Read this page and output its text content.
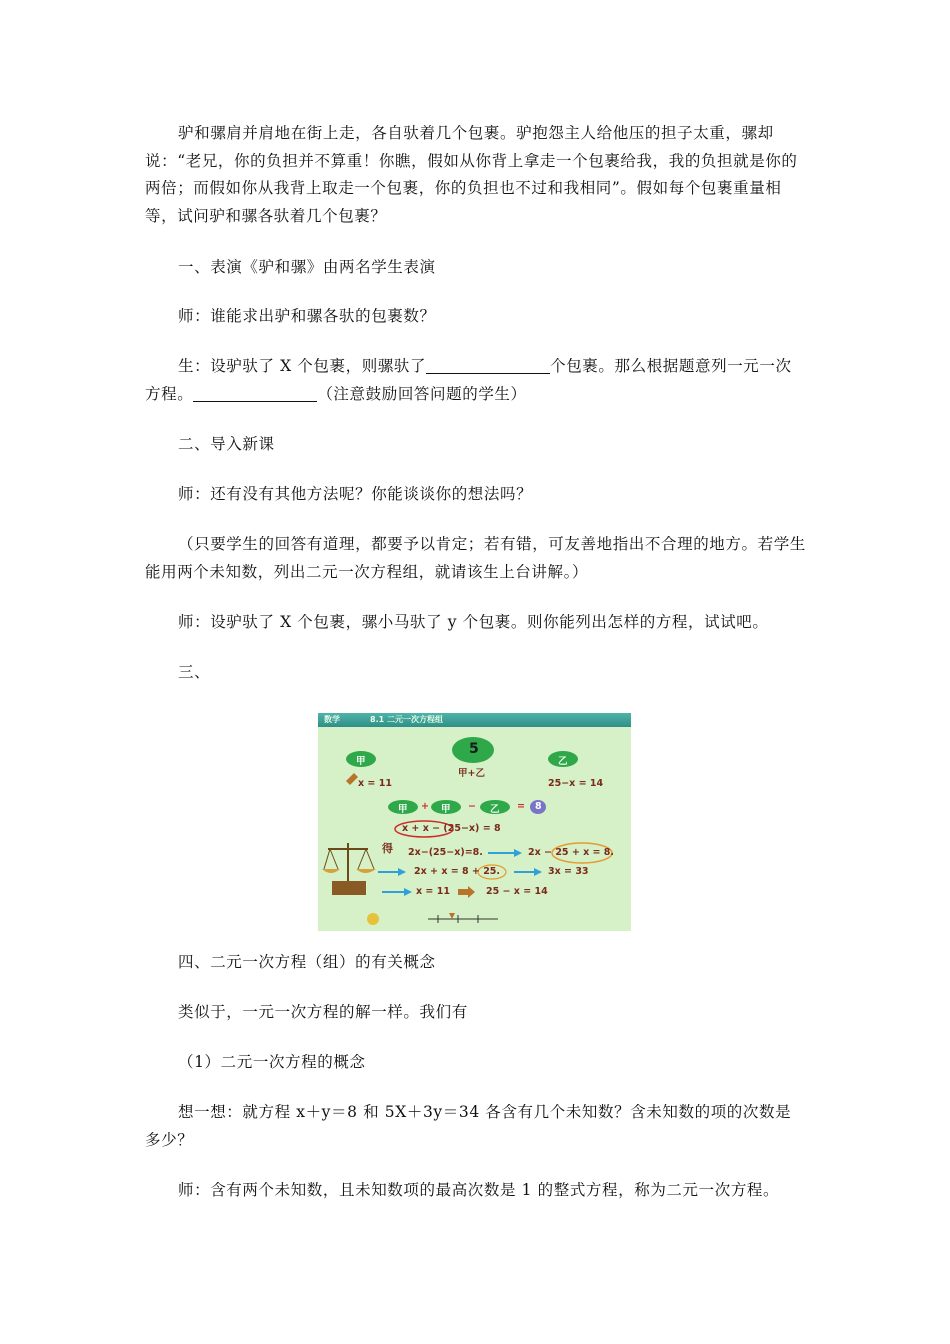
驴和骡肩并肩地在街上走，各自驮着几个包裹。驴抱怨主人给他压的担子太重，骡却说：“老兄，你的负担并不算重！你瞧，假如从你背上拿走一个包裹给我，我的负担就是你的两倍；而假如你从我背上取走一个包裹，你的负担也不过和我相同”。假如每个包裹重量相等，试问驴和骡各驮着几个包裹？
一、表演《驴和骡》由两名学生表演
师：谁能求出驴和骡各驮的包裹数？
生：设驴驮了 X 个包裹，则骡驮了	个包裹。那么根据题意列一元一次方程。	（注意鼓励回答问题的学生）
二、导入新课
师：还有没有其他方法呢？你能谈谈你的想法吗？
（只要学生的回答有道理，都要予以肯定；若有错，可友善地指出不合理的地方。若学生能用两个未知数，列出二元一次方程组，就请该生上台讲解。）
师：设驴驮了 X 个包裹，骡小马驮了 y 个包裹。则你能列出怎样的方程，试试吧。
三、
数学	8.1 二元一次方程组
甲
5
甲+乙
乙
x = 11	25−x = 14
甲 + 甲 − 乙 = 8
x + x − (25−x) = 8
得 2x−(25−x)=8.	2x − 25 + x = 8.
2x + x = 8 + 25.	3x = 33
x = 11	25 − x = 14
四、二元一次方程（组）的有关概念
类似于，一元一次方程的解一样。我们有
（1）二元一次方程的概念
想一想：就方程 x＋y＝8 和 5X＋3y＝34 各含有几个未知数？含未知数的项的次数是多少？
师：含有两个未知数，且未知数项的最高次数是 1 的整式方程，称为二元一次方程。
